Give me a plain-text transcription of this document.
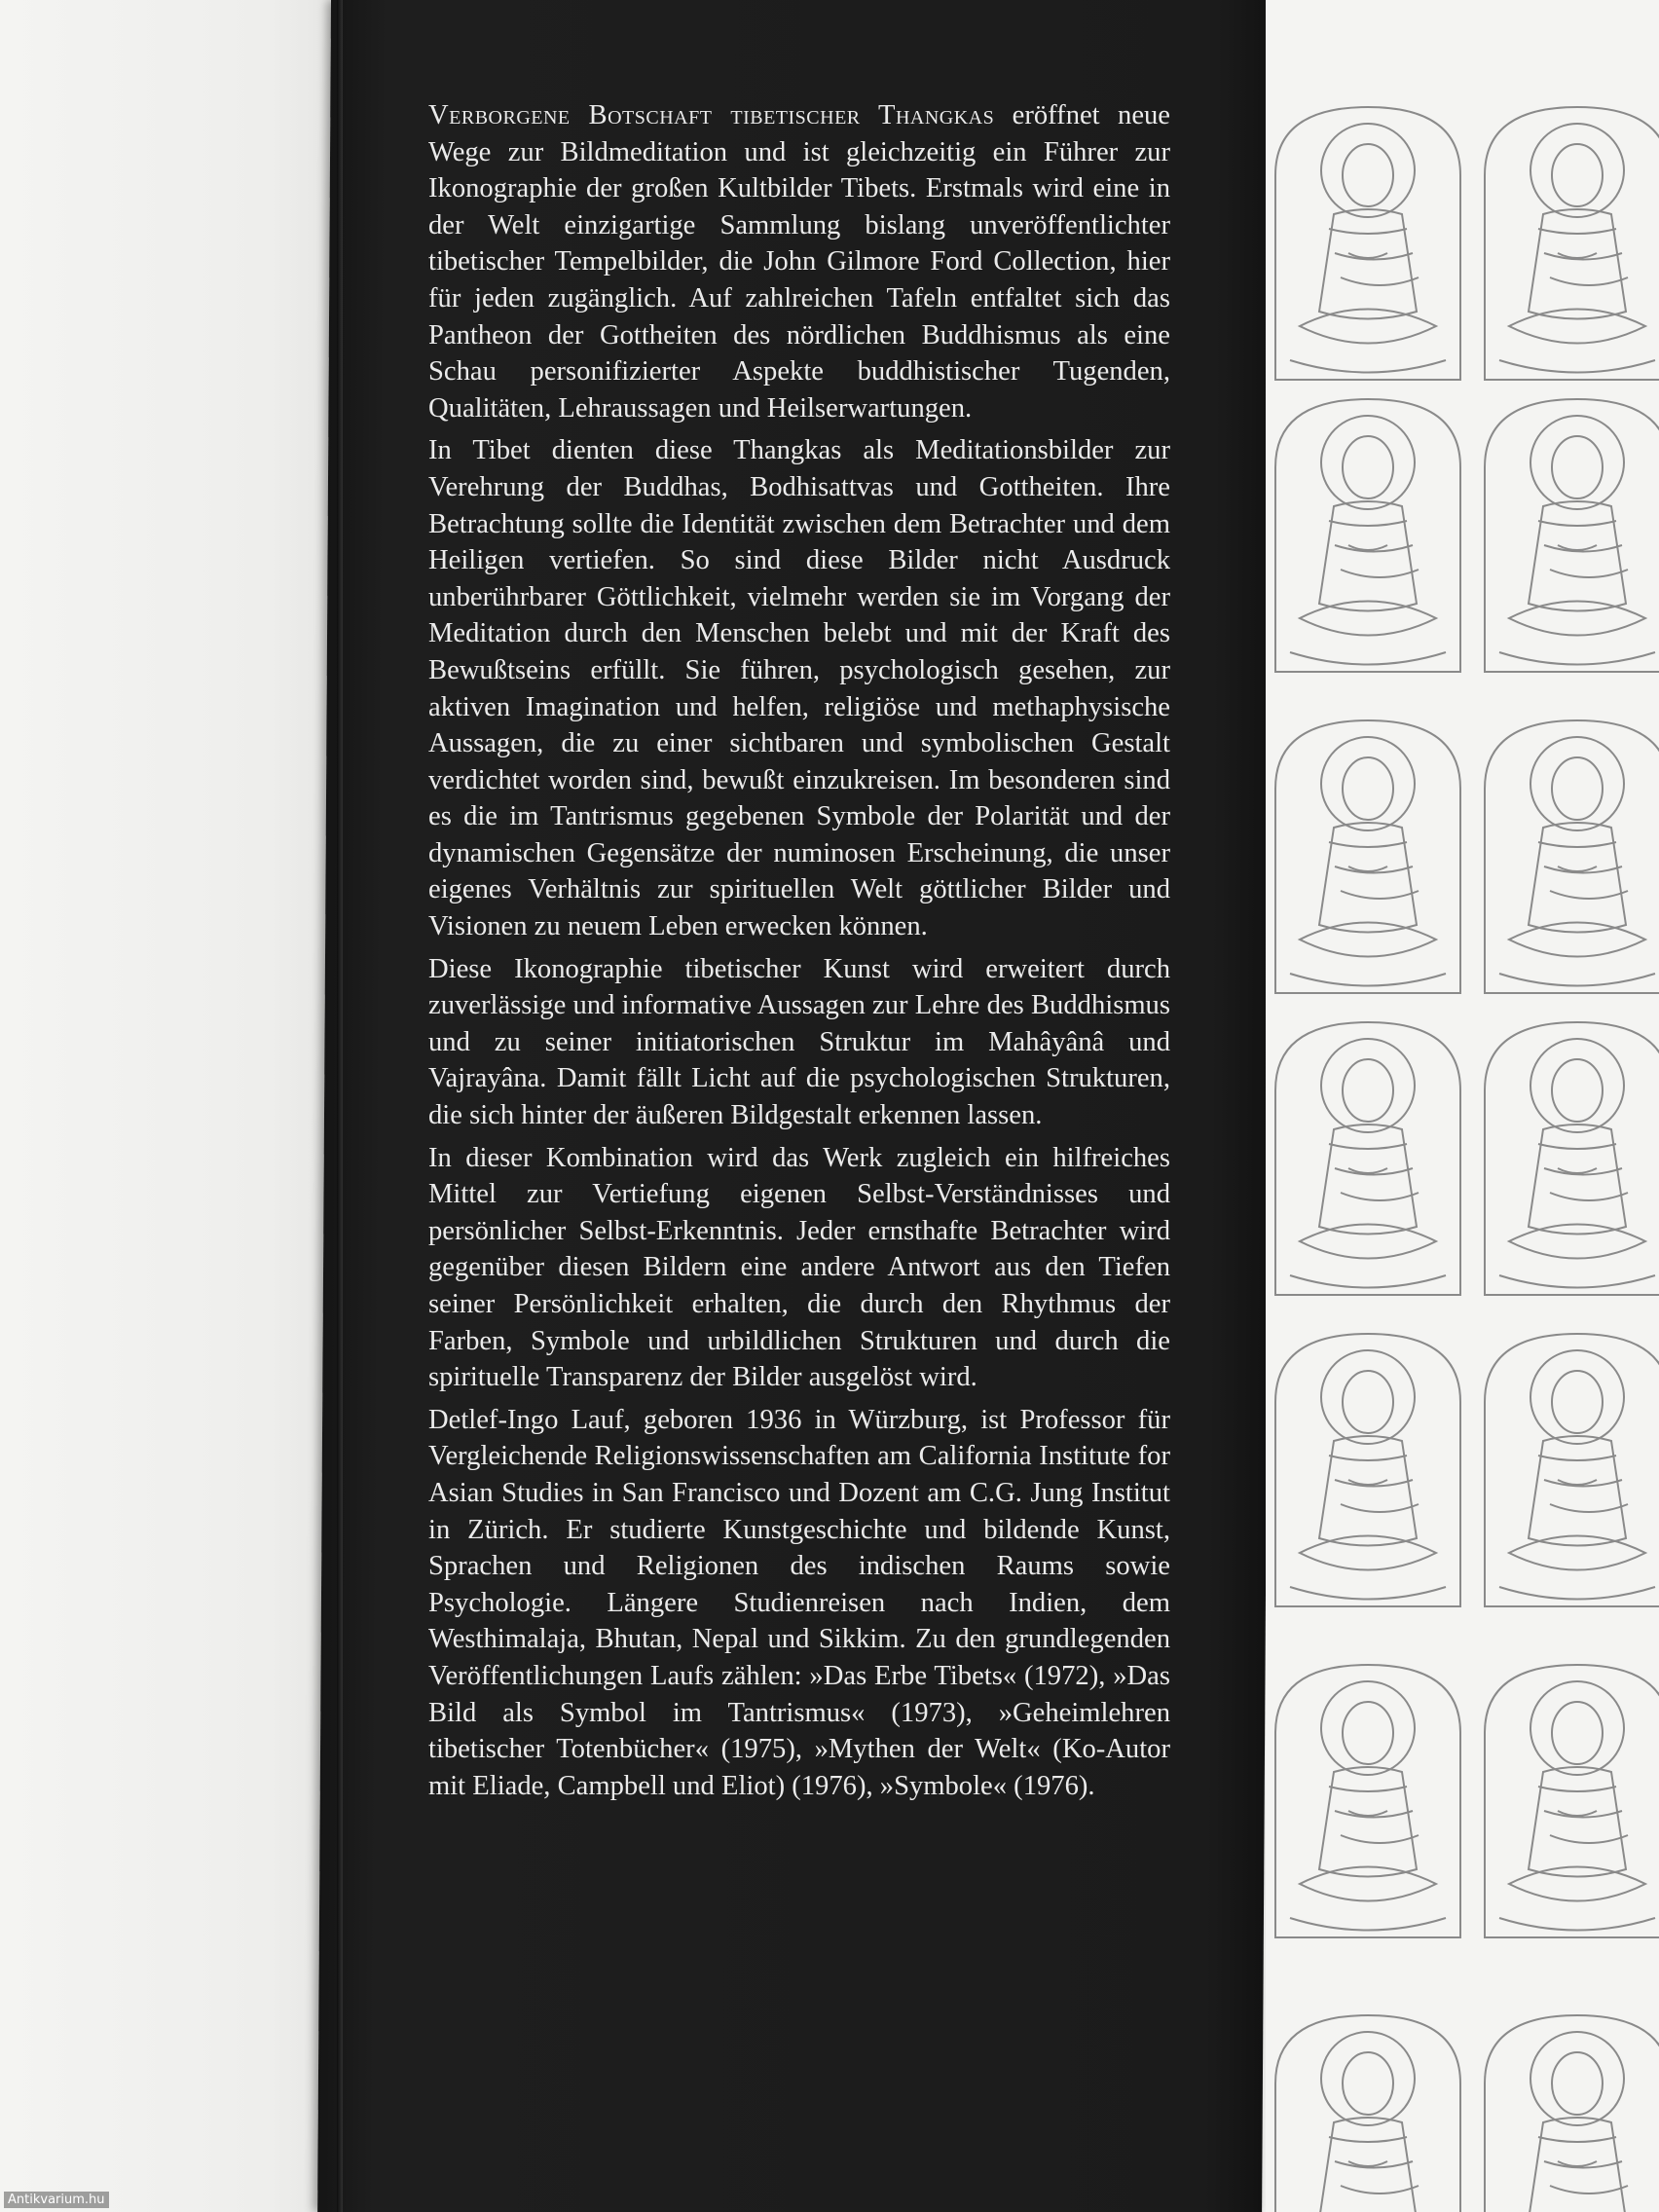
Verborgene Botschaft tibetischer Thangkas eröffnet neue Wege zur Bildmeditation und ist gleichzeitig ein Führer zur Ikonographie der großen Kultbilder Tibets. Erstmals wird eine in der Welt einzigartige Sammlung bislang unveröffentlichter tibetischer Tempelbilder, die John Gilmore Ford Collection, hier für jeden zugänglich. Auf zahlreichen Tafeln entfaltet sich das Pantheon der Gottheiten des nördlichen Buddhismus als eine Schau personifizierter Aspekte buddhistischer Tugenden, Qualitäten, Lehraussagen und Heilserwartungen.

In Tibet dienten diese Thangkas als Meditationsbilder zur Verehrung der Buddhas, Bodhisattvas und Gottheiten. Ihre Betrachtung sollte die Identität zwischen dem Betrachter und dem Heiligen vertiefen. So sind diese Bilder nicht Ausdruck unberührbarer Göttlichkeit, vielmehr werden sie im Vorgang der Meditation durch den Menschen belebt und mit der Kraft des Bewußtseins erfüllt. Sie führen, psychologisch gesehen, zur aktiven Imagination und helfen, religiöse und methaphysische Aussagen, die zu einer sichtbaren und symbolischen Gestalt verdichtet worden sind, bewußt einzukreisen. Im besonderen sind es die im Tantrismus gegebenen Symbole der Polarität und der dynamischen Gegensätze der numinosen Erscheinung, die unser eigenes Verhältnis zur spirituellen Welt göttlicher Bilder und Visionen zu neuem Leben erwecken können.

Diese Ikonographie tibetischer Kunst wird erweitert durch zuverlässige und informative Aussagen zur Lehre des Buddhismus und zu seiner initiatorischen Struktur im Mahâyânâ und Vajrayâna. Damit fällt Licht auf die psychologischen Strukturen, die sich hinter der äußeren Bildgestalt erkennen lassen.

In dieser Kombination wird das Werk zugleich ein hilfreiches Mittel zur Vertiefung eigenen Selbst-Verständnisses und persönlicher Selbst-Erkenntnis. Jeder ernsthafte Betrachter wird gegenüber diesen Bildern eine andere Antwort aus den Tiefen seiner Persönlichkeit erhalten, die durch den Rhythmus der Farben, Symbole und urbildlichen Strukturen und durch die spirituelle Transparenz der Bilder ausgelöst wird.

Detlef-Ingo Lauf, geboren 1936 in Würzburg, ist Professor für Vergleichende Religionswissenschaften am California Institute for Asian Studies in San Francisco und Dozent am C.G. Jung Institut in Zürich. Er studierte Kunstgeschichte und bildende Kunst, Sprachen und Religionen des indischen Raums sowie Psychologie. Längere Studienreisen nach Indien, dem Westhimalaja, Bhutan, Nepal und Sikkim. Zu den grundlegenden Veröffentlichungen Laufs zählen: »Das Erbe Tibets« (1972), »Das Bild als Symbol im Tantrismus« (1973), »Geheimlehren tibetischer Totenbücher« (1975), »Mythen der Welt« (Ko-Autor mit Eliade, Campbell und Eliot) (1976), »Symbole« (1976).

Antikvarium.hu
